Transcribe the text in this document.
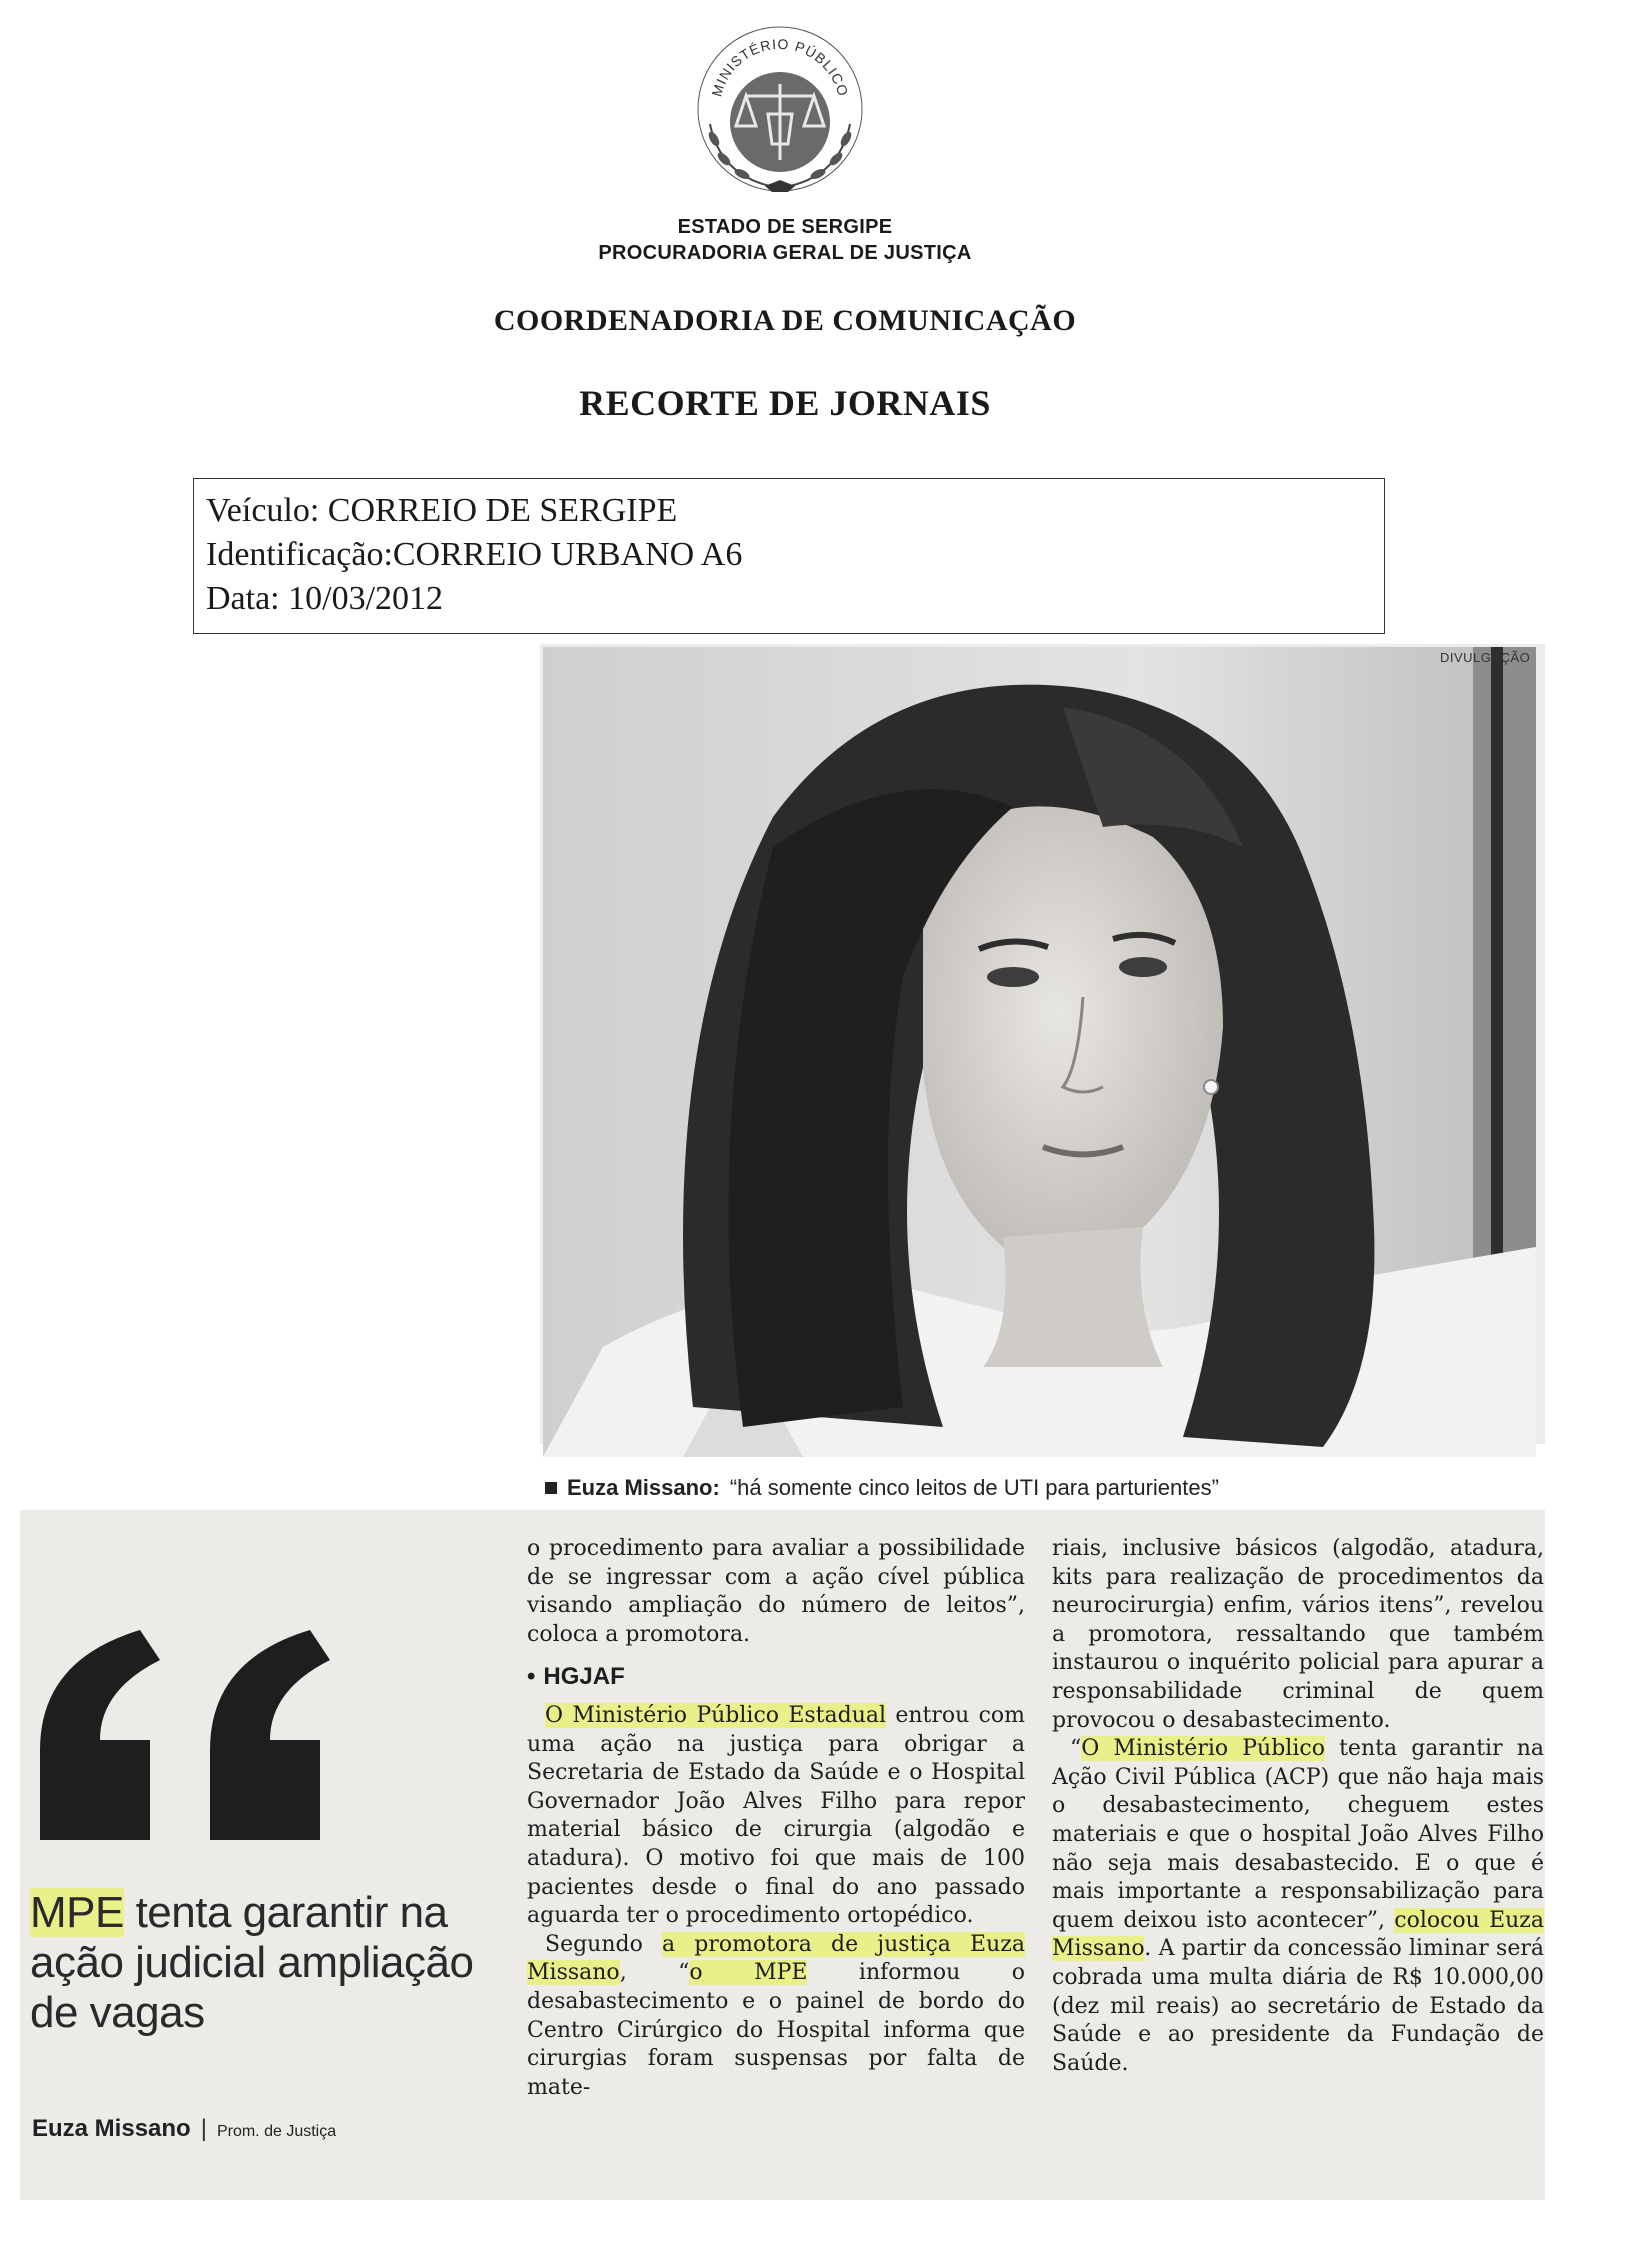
MINISTÉRIO PÚBLICO
ESTADO DE SERGIPE
PROCURADORIA GERAL DE JUSTIÇA
COORDENADORIA DE COMUNICAÇÃO
RECORTE DE JORNAIS
Veículo: CORREIO DE SERGIPE
Identificação:CORREIO URBANO A6
Data: 10/03/2012
DIVULGAÇÃO
Euza Missano: “há somente cinco leitos de UTI para parturientes”
MPE tenta garantir na ação judicial ampliação de vagas
Euza Missano | Prom. de Justiça

o procedimento para avaliar a possibilidade de se ingressar com a ação cível pública visando ampliação do número de leitos”, coloca a promotora.

• HGJAF

O Ministério Público Estadual entrou com uma ação na justiça para obrigar a Secretaria de Estado da Saúde e o Hospital Governador João Alves Filho para repor material básico de cirurgia (algodão e atadura). O motivo foi que mais de 100 pacientes desde o final do ano passado aguarda ter o procedimento ortopédico.

Segundo a promotora de justiça Euza Missano, “o MPE informou o desabastecimento e o painel de bordo do Centro Cirúrgico do Hospital informa que cirurgias foram suspensas por falta de mate-

riais, inclusive básicos (algodão, atadura, kits para realização de procedimentos da neurocirurgia) enfim, vários itens”, revelou a promotora, ressaltando que também instaurou o inquérito policial para apurar a responsabilidade criminal de quem provocou o desabastecimento.

“O Ministério Público tenta garantir na Ação Civil Pública (ACP) que não haja mais o desabastecimento, cheguem estes materiais e que o hospital João Alves Filho não seja mais desabastecido. E o que é mais importante a responsabilização para quem deixou isto acontecer”, colocou Euza Missano. A partir da concessão liminar será cobrada uma multa diária de R$ 10.000,00 (dez mil reais) ao secretário de Estado da Saúde e ao presidente da Fundação de Saúde.
